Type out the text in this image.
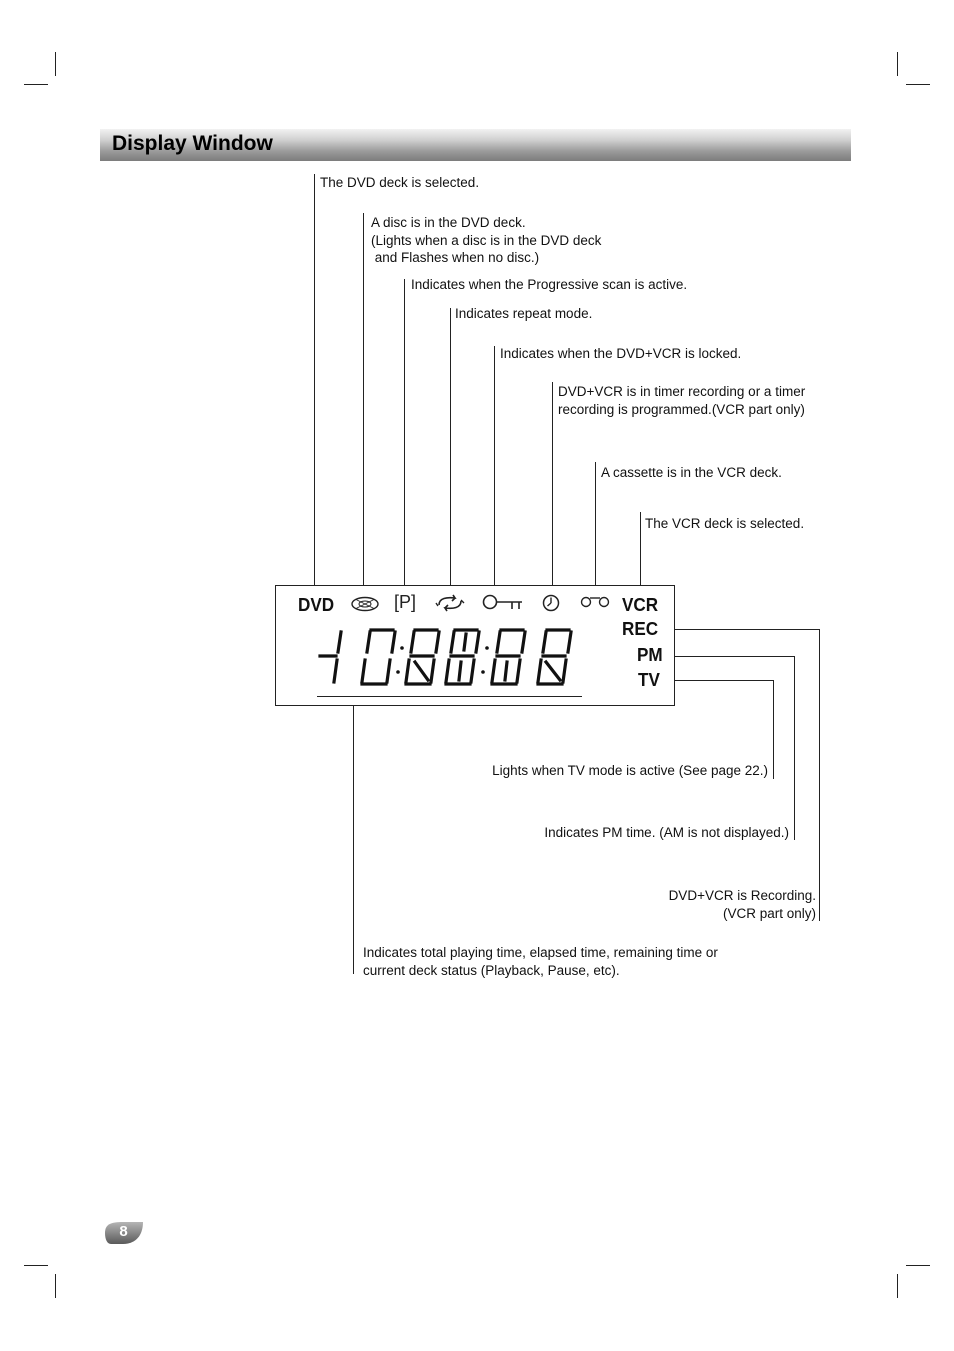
Display Window

The DVD deck is selected.

A disc is in the DVD deck.
(Lights when a disc is in the DVD deck
and Flashes when no disc.)

Indicates when the Progressive scan is active.

Indicates repeat mode.

Indicates when the DVD+VCR is locked.

DVD+VCR is in timer recording or a timer
recording is programmed.(VCR part only)

A cassette is in the VCR deck.

The VCR deck is selected.

Lights when TV mode is active (See page 22.)

Indicates PM time. (AM is not displayed.)

DVD+VCR is Recording.
(VCR part only)

Indicates total playing time, elapsed time, remaining time or
current deck status (Playback, Pause, etc).

DVD	[P]	VCR
REC
PM
TV
8
